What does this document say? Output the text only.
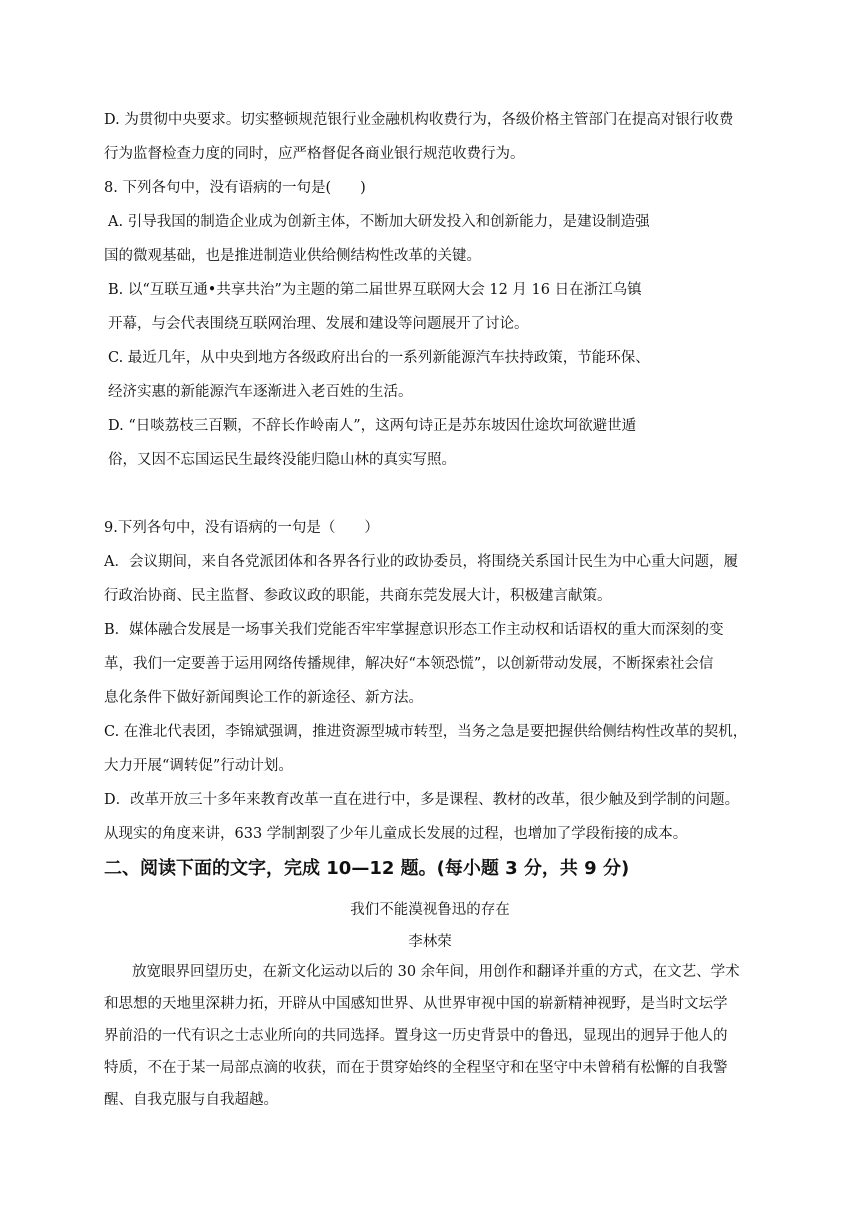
D. 为贯彻中央要求。切实整顿规范银行业金融机构收费行为，各级价格主管部门在提高对银行收费
行为监督检查力度的同时，应严格督促各商业银行规范收费行为。
8. 下列各句中，没有语病的一句是(　　)
A. 引导我国的制造企业成为创新主体，不断加大研发投入和创新能力，是建设制造强
国的微观基础，也是推进制造业供给侧结构性改革的关键。
B. 以“互联互通•共享共治”为主题的第二届世界互联网大会 12 月 16 日在浙江乌镇
开幕，与会代表围绕互联网治理、发展和建设等问题展开了讨论。
C. 最近几年，从中央到地方各级政府出台的一系列新能源汽车扶持政策，节能环保、
经济实惠的新能源汽车逐渐进入老百姓的生活。
D. “日啖荔枝三百颗，不辞长作岭南人”，这两句诗正是苏东坡因仕途坎坷欲避世遁
俗，又因不忘国运民生最终没能归隐山林的真实写照。
9.下列各句中，没有语病的一句是（　　）
A．会议期间，来自各党派团体和各界各行业的政协委员，将围绕关系国计民生为中心重大问题，履
行政治协商、民主监督、参政议政的职能，共商东莞发展大计，积极建言献策。
B．媒体融合发展是一场事关我们党能否牢牢掌握意识形态工作主动权和话语权的重大而深刻的变
革，我们一定要善于运用网络传播规律，解决好“本领恐慌”，以创新带动发展，不断探索社会信
息化条件下做好新闻舆论工作的新途径、新方法。
C. 在淮北代表团，李锦斌强调，推进资源型城市转型，当务之急是要把握供给侧结构性改革的契机，
大力开展“调转促”行动计划。
D．改革开放三十多年来教育改革一直在进行中，多是课程、教材的改革，很少触及到学制的问题。
从现实的角度来讲，633 学制割裂了少年儿童成长发展的过程，也增加了学段衔接的成本。
二、阅读下面的文字，完成 10—12 题。(每小题 3 分，共 9 分)
我们不能漠视鲁迅的存在
李林荣
放宽眼界回望历史，在新文化运动以后的 30 余年间，用创作和翻译并重的方式，在文艺、学术
和思想的天地里深耕力拓，开辟从中国感知世界、从世界审视中国的崭新精神视野，是当时文坛学
界前沿的一代有识之士志业所向的共同选择。置身这一历史背景中的鲁迅，显现出的迥异于他人的
特质，不在于某一局部点滴的收获，而在于贯穿始终的全程坚守和在坚守中未曾稍有松懈的自我警
醒、自我克服与自我超越。
